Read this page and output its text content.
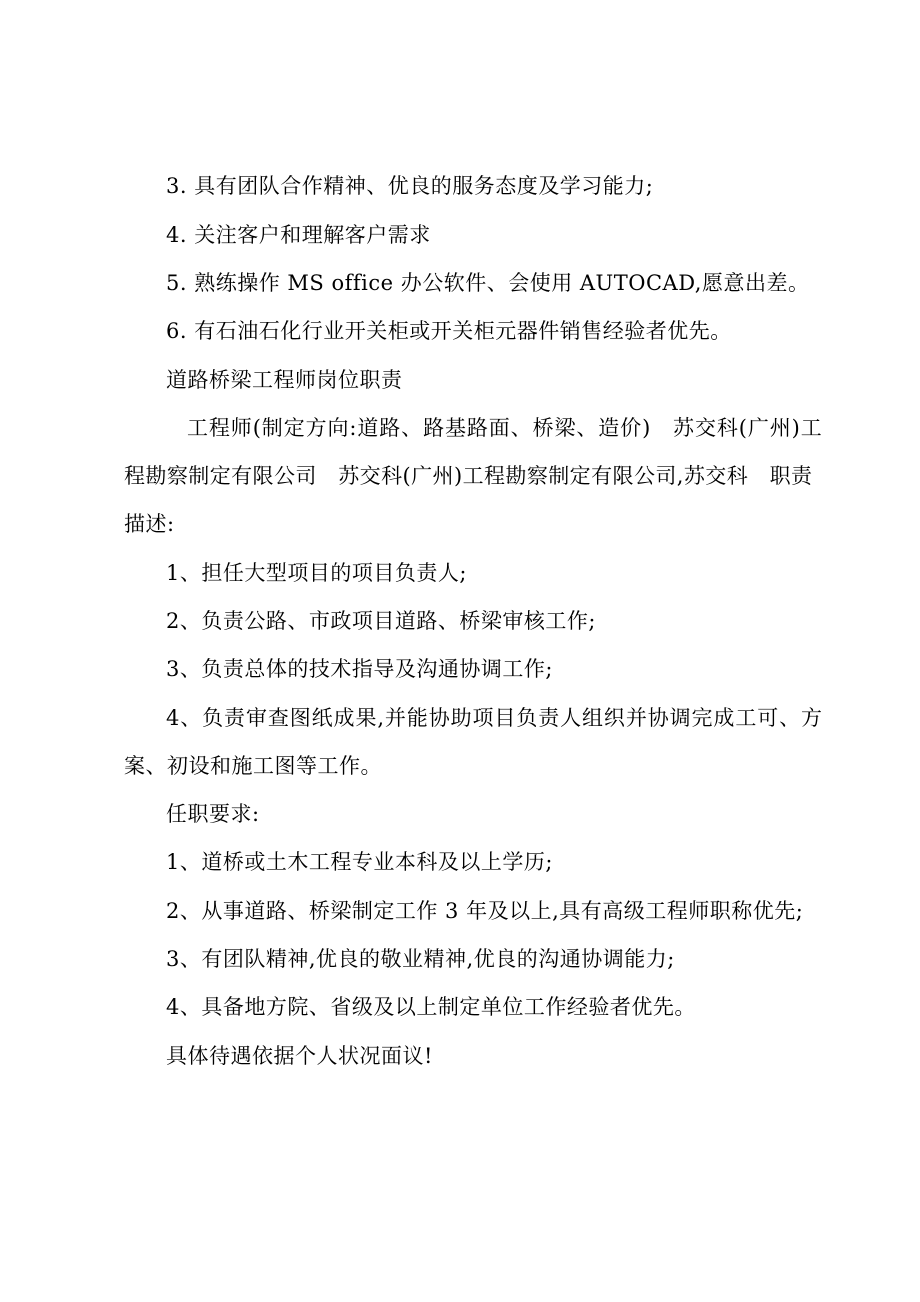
3. 具有团队合作精神、优良的服务态度及学习能力;
4. 关注客户和理解客户需求
5. 熟练操作 MS office 办公软件、会使用 AUTOCAD,愿意出差。
6. 有石油石化行业开关柜或开关柜元器件销售经验者优先。
道路桥梁工程师岗位职责
工程师(制定方向:道路、路基路面、桥梁、造价)　苏交科(广州)工
程勘察制定有限公司　苏交科(广州)工程勘察制定有限公司,苏交科　职责
描述:
1、担任大型项目的项目负责人;
2、负责公路、市政项目道路、桥梁审核工作;
3、负责总体的技术指导及沟通协调工作;
4、负责审查图纸成果,并能协助项目负责人组织并协调完成工可、方
案、初设和施工图等工作。
任职要求:
1、道桥或土木工程专业本科及以上学历;
2、从事道路、桥梁制定工作 3 年及以上,具有高级工程师职称优先;
3、有团队精神,优良的敬业精神,优良的沟通协调能力;
4、具备地方院、省级及以上制定单位工作经验者优先。
具体待遇依据个人状况面议!
